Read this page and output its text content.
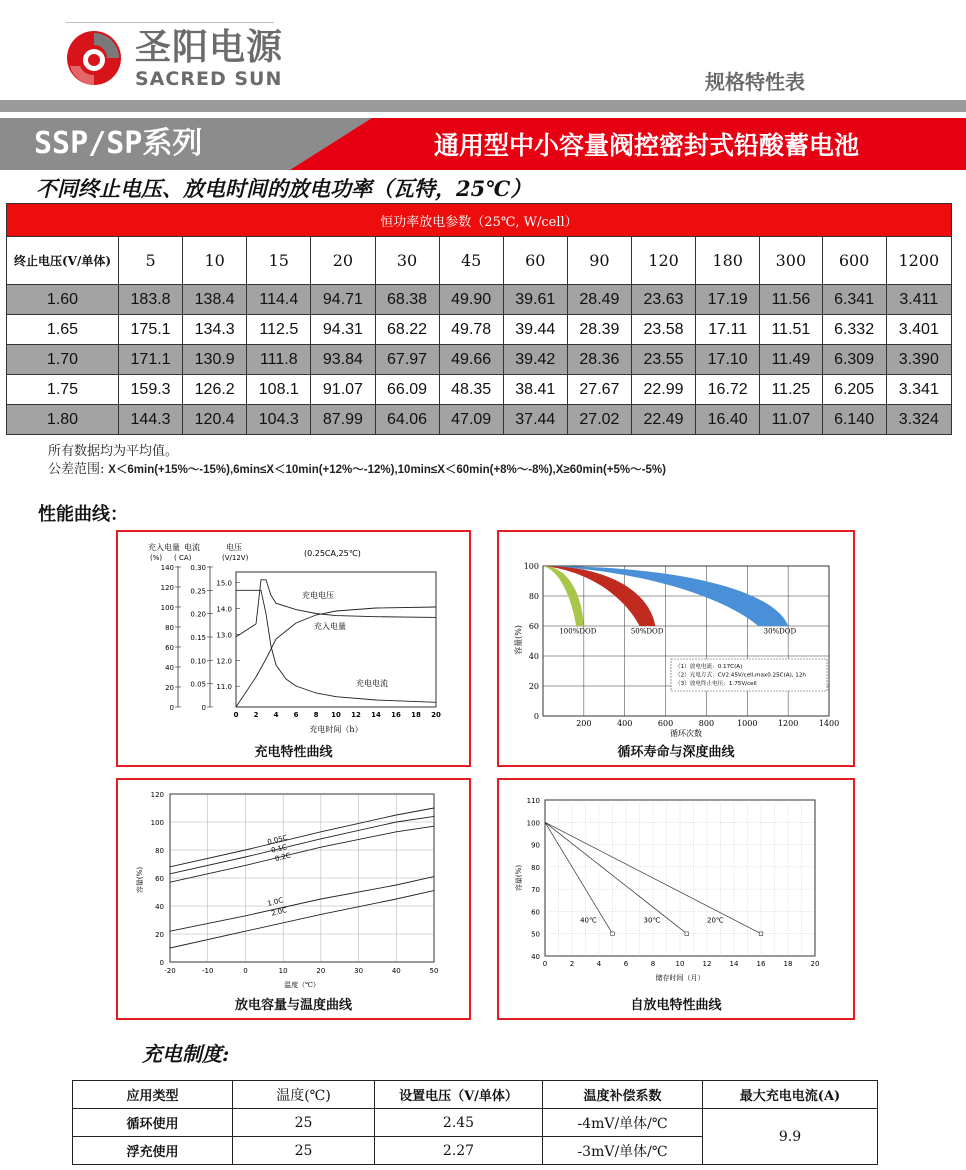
圣阳电源
SACRED SUN	规格特性表
SSP/SP系列	通用型中小容量阀控密封式铅酸蓄电池
不同终止电压、放电时间的放电功率（瓦特，25℃）
恒功率放电参数（25℃, W/cell）													
终止电压(V/单体)	5	10	15	20	30	45	60	90	120	180	300	600	1200
1.60	183.8	138.4	114.4	94.71	68.38	49.90	39.61	28.49	23.63	17.19	11.56	6.341	3.411
1.65	175.1	134.3	112.5	94.31	68.22	49.78	39.44	28.39	23.58	17.11	11.51	6.332	3.401
1.70	171.1	130.9	111.8	93.84	67.97	49.66	39.42	28.36	23.55	17.10	11.49	6.309	3.390
1.75	159.3	126.2	108.1	91.07	66.09	48.35	38.41	27.67	22.99	16.72	11.25	6.205	3.341
1.80	144.3	120.4	104.3	87.99	64.06	47.09	37.44	27.02	22.49	16.40	11.07	6.140	3.324
所有数据均为平均值。
公差范围: X＜6min(+15%～-15%),6min≤X＜10min(+12%～-12%),10min≤X＜60min(+8%～-8%),X≥60min(+5%～-5%)
性能曲线：
充入电量 电流	电压
(%) ( CA)	(V/12V)	(0.25CA,25℃)
140
120
100
80
60
40
20
0
0.30
0.25
0.20
0.15
0.10
0.05
0
15.0
14.0
13.0
12.0
11.0
0 2 4 6 8 10 12 14 16 18 20
充电时间（h）
充电电压
充入电量
充电电流
充电特性曲线
100
80
60
40
20
0
200	400	600	800	1000	1200	1400
循环次数
容量(%)	100%DOD	50%DOD	30%DOD
（1）放电电流：0.17C(A)
（2）充电方式：CV2.45V/cell,max0.25C(A), 12h
（3）放电终止电压：1.75V/cell
循环寿命与深度曲线
120
100
80
60
40
20
0
-20	-10	0	10	20	30	40	50
温度（℃）
容量(%)
0.05C
0.1C
0.2C
1.0C
2.0C
放电容量与温度曲线
110
100
90
80
70
60
50
40
0	2	4	6	8	10	12	14	16	18	20
储存时间（月）
容量(%)
40℃	30℃	20℃
自放电特性曲线
充电制度:
应用类型	温度(℃)	设置电压（V/单体）	温度补偿系数	最大充电电流(A)
循环使用	25	2.45	-4mV/单体/℃	9.9
浮充使用	25	2.27	-3mV/单体/℃	
